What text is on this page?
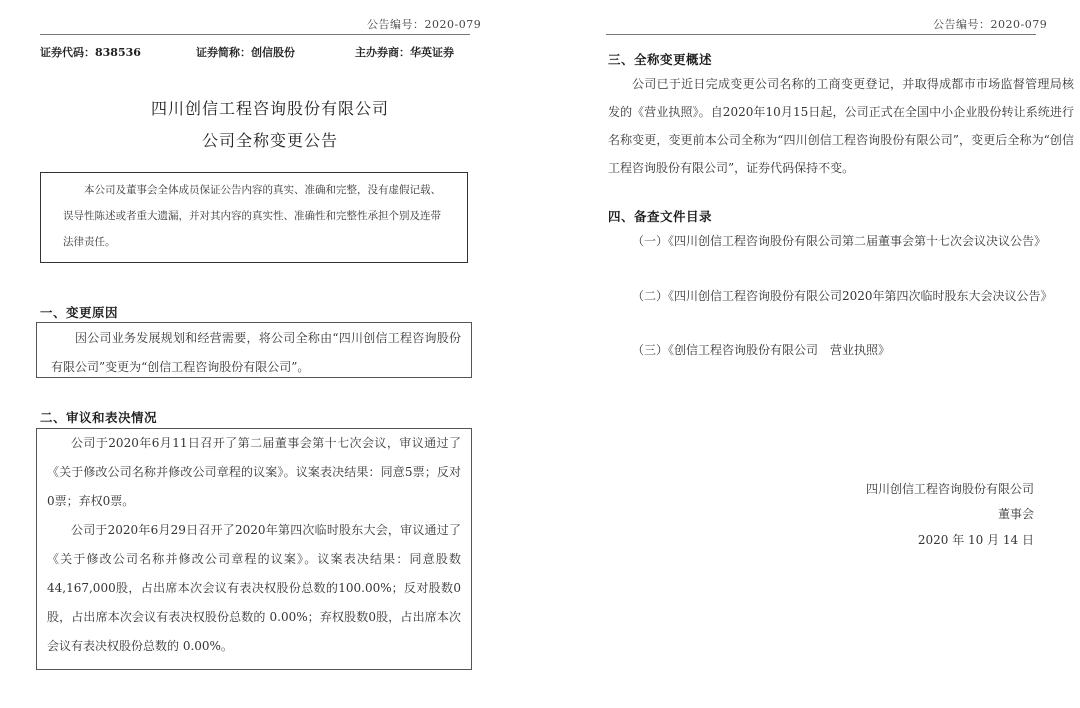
公告编号：2020-079
证券代码：838536	证券简称：创信股份	主办券商：华英证券
四川创信工程咨询股份有限公司
公司全称变更公告
本公司及董事会全体成员保证公告内容的真实、准确和完整，没有虚假记载、误导性陈述或者重大遗漏，并对其内容的真实性、准确性和完整性承担个别及连带法律责任。
一、变更原因
因公司业务发展规划和经营需要，将公司全称由“四川创信工程咨询股份有限公司”变更为“创信工程咨询股份有限公司”。
二、审议和表决情况
公司于2020年6月11日召开了第二届董事会第十七次会议，审议通过了《关于修改公司名称并修改公司章程的议案》。议案表决结果：同意5票；反对0票；弃权0票。
公司于2020年6月29日召开了2020年第四次临时股东大会，审议通过了《关于修改公司名称并修改公司章程的议案》。议案表决结果：同意股数44,167,000股，占出席本次会议有表决权股份总数的100.00%；反对股数0股，占出席本次会议有表决权股份总数的 0.00%；弃权股数0股，占出席本次会议有表决权股份总数的 0.00%。
公告编号：2020-079
三、全称变更概述
公司已于近日完成变更公司名称的工商变更登记，并取得成都市市场监督管理局核发的《营业执照》。自2020年10月15日起，公司正式在全国中小企业股份转让系统进行名称变更，变更前本公司全称为“四川创信工程咨询股份有限公司”，变更后全称为“创信工程咨询股份有限公司”，证券代码保持不变。
四、备查文件目录
（一）《四川创信工程咨询股份有限公司第二届董事会第十七次会议决议公告》
（二）《四川创信工程咨询股份有限公司2020年第四次临时股东大会决议公告》
（三）《创信工程咨询股份有限公司　营业执照》
四川创信工程咨询股份有限公司
董事会
2020 年 10 月 14 日
